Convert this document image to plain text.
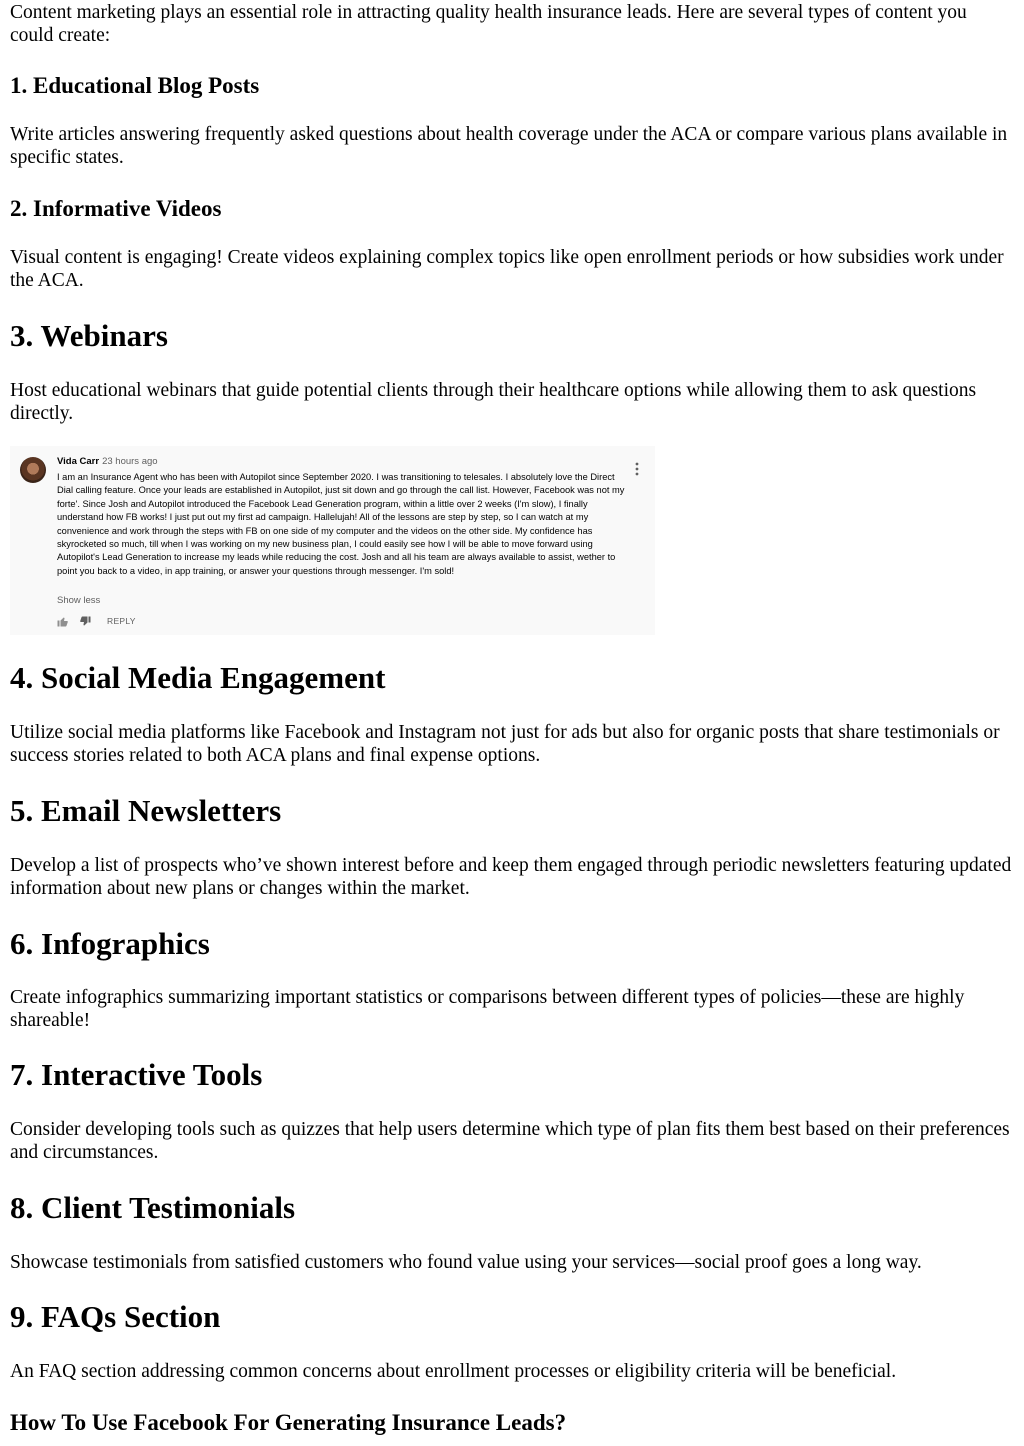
Content marketing plays an essential role in attracting quality health insurance leads. Here are several types of content you could create:

1. Educational Blog Posts

Write articles answering frequently asked questions about health coverage under the ACA or compare various plans available in specific states.

2. Informative Videos

Visual content is engaging! Create videos explaining complex topics like open enrollment periods or how subsidies work under the ACA.

3. Webinars

Host educational webinars that guide potential clients through their healthcare options while allowing them to ask questions directly.

Vida Carr 23 hours ago
I am an Insurance Agent who has been with Autopilot since September 2020. I was transitioning to telesales. I absolutely love the Direct Dial calling feature. Once your leads are established in Autopilot, just sit down and go through the call list. However, Facebook was not my forte'. Since Josh and Autopilot introduced the Facebook Lead Generation program, within a little over 2 weeks (I'm slow), I finally understand how FB works! I just put out my first ad campaign. Hallelujah! All of the lessons are step by step, so I can watch at my convenience and work through the steps with FB on one side of my computer and the videos on the other side. My confidence has skyrocketed so much, till when I was working on my new business plan, I could easily see how I will be able to move forward using Autopilot's Lead Generation to increase my leads while reducing the cost. Josh and all his team are always available to assist, wether to point you back to a video, in app training, or answer your questions through messenger. I'm sold!
Show less
REPLY
4. Social Media Engagement

Utilize social media platforms like Facebook and Instagram not just for ads but also for organic posts that share testimonials or success stories related to both ACA plans and final expense options.

5. Email Newsletters

Develop a list of prospects who’ve shown interest before and keep them engaged through periodic newsletters featuring updated information about new plans or changes within the market.

6. Infographics

Create infographics summarizing important statistics or comparisons between different types of policies—these are highly shareable!

7. Interactive Tools

Consider developing tools such as quizzes that help users determine which type of plan fits them best based on their preferences and circumstances.

8. Client Testimonials

Showcase testimonials from satisfied customers who found value using your services—social proof goes a long way.

9. FAQs Section

An FAQ section addressing common concerns about enrollment processes or eligibility criteria will be beneficial.

How To Use Facebook For Generating Insurance Leads?
